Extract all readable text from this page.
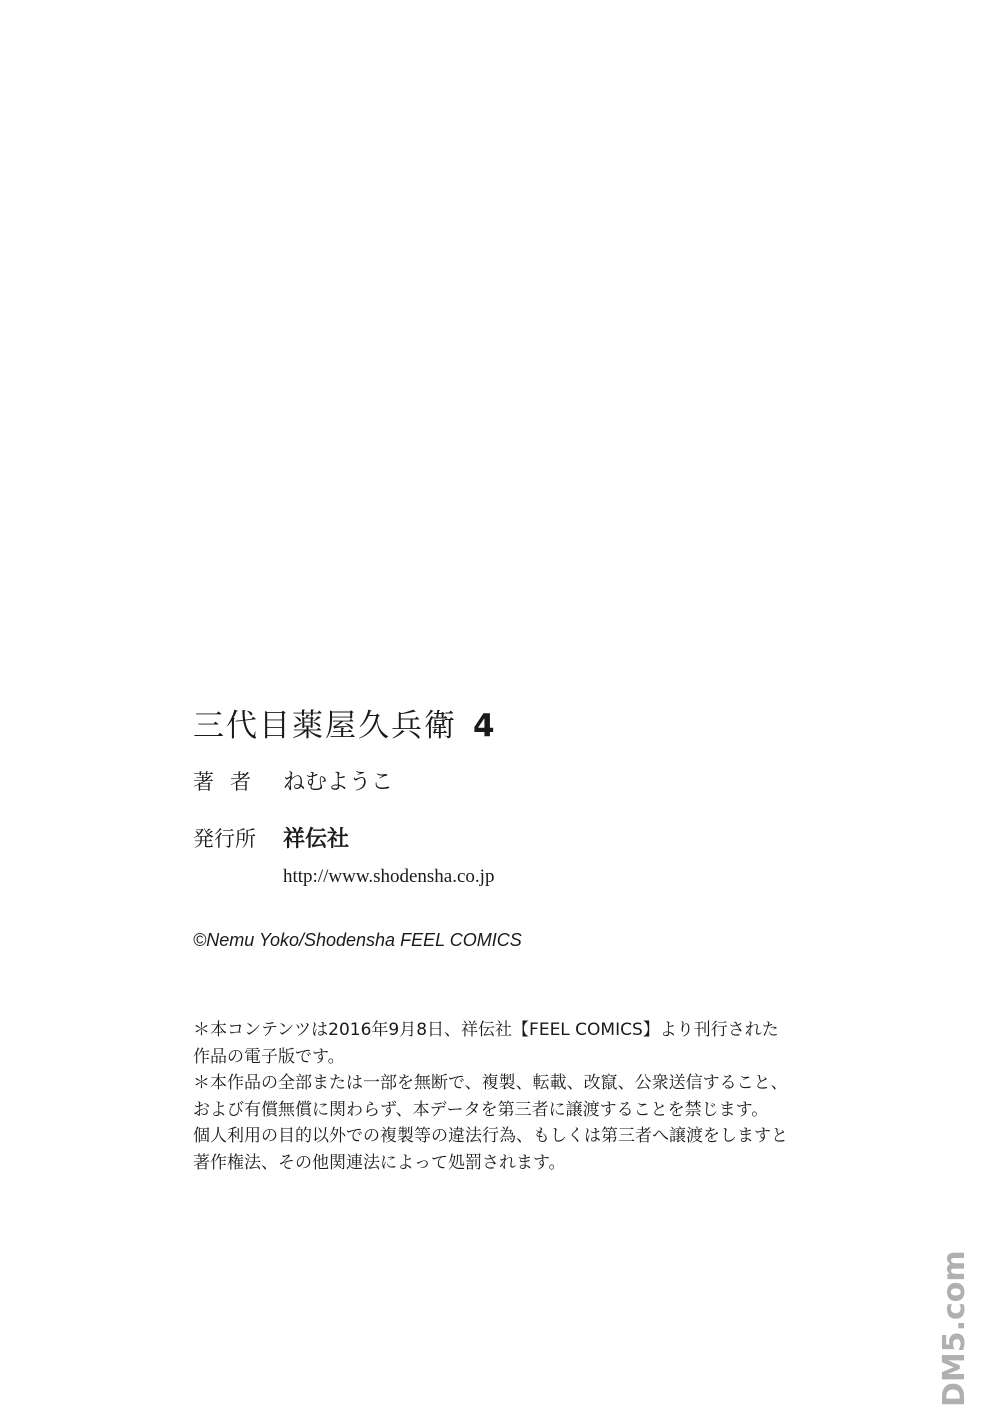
三代目薬屋久兵衛 4
著者 ねむようこ
発行所 祥伝社
http://www.shodensha.co.jp
©Nemu Yoko/Shodensha FEEL COMICS

＊本コンテンツは2016年9月8日、祥伝社【FEEL COMICS】より刊行された

作品の電子版です。

＊本作品の全部または一部を無断で、複製、転載、改竄、公衆送信すること、

および有償無償に関わらず、本データを第三者に譲渡することを禁じます。

個人利用の目的以外での複製等の違法行為、もしくは第三者へ譲渡をしますと

著作権法、その他関連法によって処罰されます。

DM5.com
